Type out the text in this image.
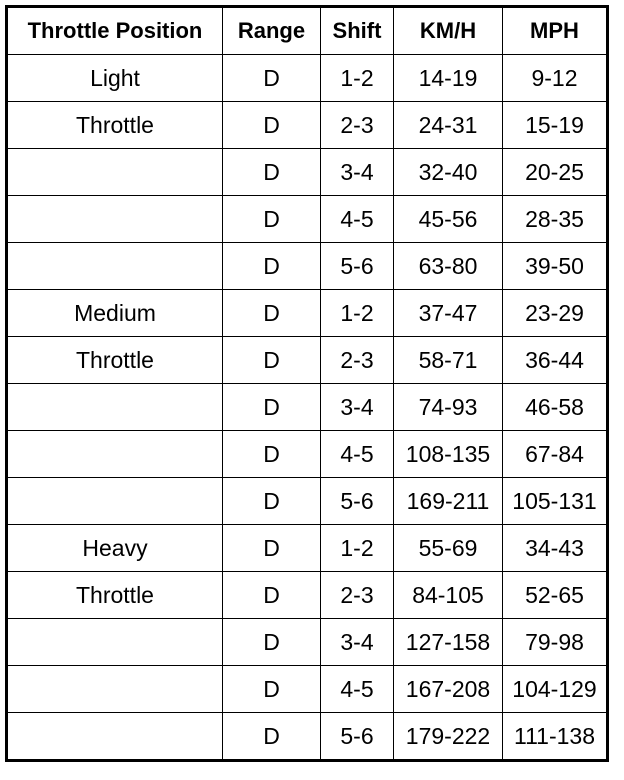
Throttle Position	Range	Shift	KM/H	MPH
Light	D	1-2	14-19	9-12
Throttle	D	2-3	24-31	15-19
	D	3-4	32-40	20-25
	D	4-5	45-56	28-35
	D	5-6	63-80	39-50
Medium	D	1-2	37-47	23-29
Throttle	D	2-3	58-71	36-44
	D	3-4	74-93	46-58
	D	4-5	108-135	67-84
	D	5-6	169-211	105-131
Heavy	D	1-2	55-69	34-43
Throttle	D	2-3	84-105	52-65
	D	3-4	127-158	79-98
	D	4-5	167-208	104-129
	D	5-6	179-222	111-138
